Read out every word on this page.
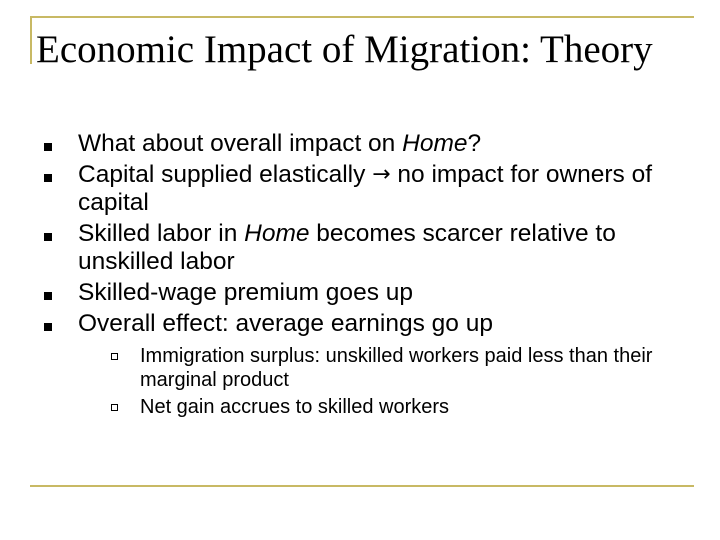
Economic Impact of Migration: Theory
What about overall impact on Home?
Capital supplied elastically → no impact for owners of capital
Skilled labor in Home becomes scarcer relative to unskilled labor
Skilled-wage premium goes up
Overall effect: average earnings go up
Immigration surplus: unskilled workers paid less than their marginal product
Net gain accrues to skilled workers
